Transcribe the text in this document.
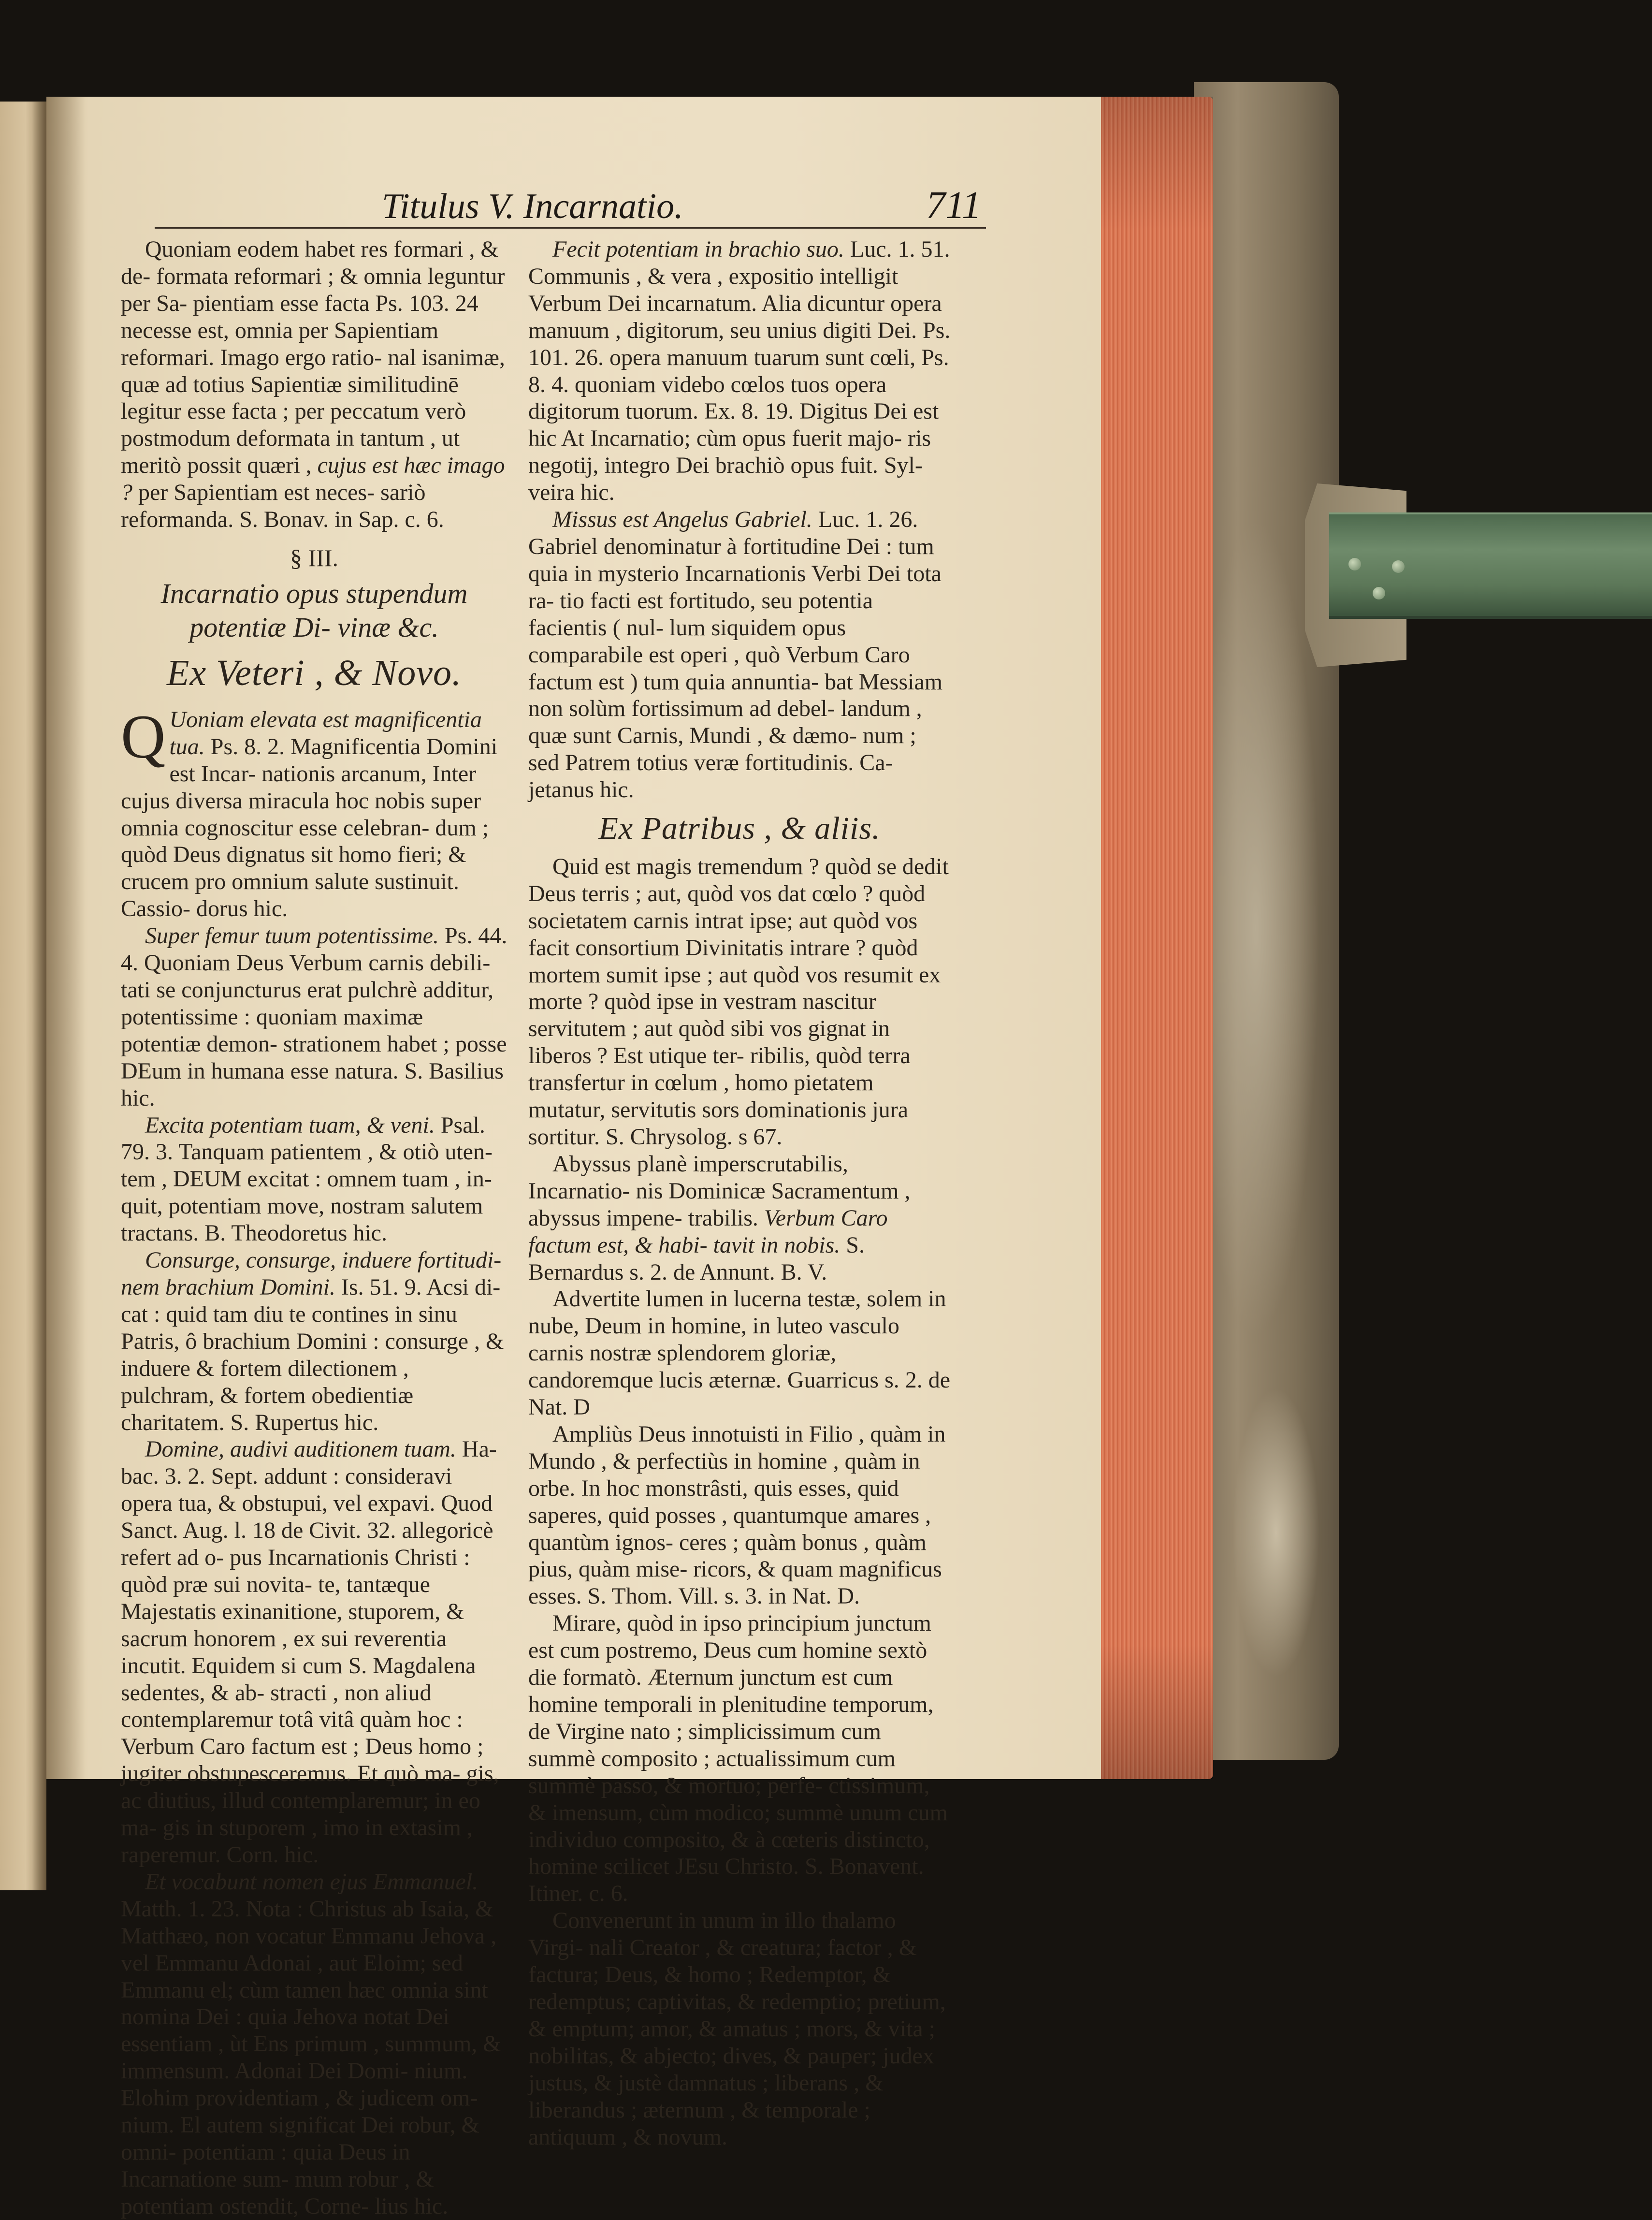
Titulus V. Incarnatio.	711

Quoniam eodem habet res formari , & de- formata reformari ; & omnia leguntur per Sa- pientiam esse facta Ps. 103. 24 necesse est, omnia per Sapientiam reformari. Imago ergo ratio- nal isanimæ, quæ ad totius Sapientiæ similitudinē legitur esse facta ; per peccatum verò postmodum deformata in tantum , ut meritò possit quæri , cujus est hæc imago ? per Sapientiam est neces- sariò reformanda. S. Bonav. in Sap. c. 6.

§ III.
Incarnatio opus stupendum potentiæ Di- vinæ &c.
Ex Veteri , & Novo.

Q Uoniam elevata est magnificentia tua. Ps. 8. 2. Magnificentia Domini est Incar- nationis arcanum, Inter cujus diversa miracula hoc nobis super omnia cognoscitur esse celebran- dum ; quòd Deus dignatus sit homo fieri; & crucem pro omnium salute sustinuit. Cassio- dorus hic.

Super femur tuum potentissime. Ps. 44. 4. Quoniam Deus Verbum carnis debili- tati se conjuncturus erat pulchrè additur, potentissime : quoniam maximæ potentiæ demon- strationem habet ; posse DEum in humana esse natura. S. Basilius hic.

Excita potentiam tuam, & veni. Psal. 79. 3. Tanquam patientem , & otiò uten- tem , DEUM excitat : omnem tuam , in- quit, potentiam move, nostram salutem tractans. B. Theodoretus hic.

Consurge, consurge, induere fortitudi- nem brachium Domini. Is. 51. 9. Acsi di- cat : quid tam diu te contines in sinu Patris, ô brachium Domini : consurge , & induere & fortem dilectionem , pulchram, & fortem obedientiæ charitatem. S. Rupertus hic.

Domine, audivi auditionem tuam. Ha- bac. 3. 2. Sept. addunt : consideravi opera tua, & obstupui, vel expavi. Quod Sanct. Aug. l. 18 de Civit. 32. allegoricè refert ad o- pus Incarnationis Christi : quòd præ sui novita- te, tantæque Majestatis exinanitione, stuporem, & sacrum honorem , ex sui reverentia incutit. Equidem si cum S. Magdalena sedentes, & ab- stracti , non aliud contemplaremur totâ vitâ quàm hoc : Verbum Caro factum est ; Deus homo ; jugiter obstupesceremus. Et quò ma- gis, ac diutius, illud contemplaremur; in eo ma- gis in stuporem , imo in extasim , raperemur. Corn. hic.

Et vocabunt nomen ejus Emmanuel. Matth. 1. 23. Nota : Christus ab Isaia, & Matthæo, non vocatur Emmanu Jehova , vel Emmanu Adonai , aut Eloim; sed Emmanu el; cùm tamen hæc omnia sint nomina Dei : quia Jehova notat Dei essentiam , ùt Ens primum , summum, & immensum. Adonai Dei Domi- nium. Elohim providentiam , & judicem om- nium. El autem significat Dei robur, & omni- potentiam : quia Deus in Incarnatione sum- mum robur , & potentiam ostendit, Corne- lius hic.

Fecit potentiam in brachio suo. Luc. 1. 51. Communis , & vera , expositio intelligit Verbum Dei incarnatum. Alia dicuntur opera manuum , digitorum, seu unius digiti Dei. Ps. 101. 26. opera manuum tuarum sunt cœli, Ps. 8. 4. quoniam videbo cœlos tuos opera digitorum tuorum. Ex. 8. 19. Digitus Dei est hic At Incarnatio; cùm opus fuerit majo- ris negotij, integro Dei brachiò opus fuit. Syl- veira hic.

Missus est Angelus Gabriel. Luc. 1. 26. Gabriel denominatur à fortitudine Dei : tum quia in mysterio Incarnationis Verbi Dei tota ra- tio facti est fortitudo, seu potentia facientis ( nul- lum siquidem opus comparabile est operi , quò Verbum Caro factum est ) tum quia annuntia- bat Messiam non solùm fortissimum ad debel- landum , quæ sunt Carnis, Mundi , & dæmo- num ; sed Patrem totius veræ fortitudinis. Ca- jetanus hic.

Ex Patribus , & aliis.

Quid est magis tremendum ? quòd se dedit Deus terris ; aut, quòd vos dat cœlo ? quòd societatem carnis intrat ipse; aut quòd vos facit consortium Divinitatis intrare ? quòd mortem sumit ipse ; aut quòd vos resumit ex morte ? quòd ipse in vestram nascitur servitutem ; aut quòd sibi vos gignat in liberos ? Est utique ter- ribilis, quòd terra transfertur in cœlum , homo pietatem mutatur, servitutis sors dominationis jura sortitur. S. Chrysolog. s 67.

Abyssus planè imperscrutabilis, Incarnatio- nis Dominicæ Sacramentum , abyssus impene- trabilis. Verbum Caro factum est, & habi- tavit in nobis. S. Bernardus s. 2. de Annunt. B. V.

Advertite lumen in lucerna testæ, solem in nube, Deum in homine, in luteo vasculo carnis nostræ splendorem gloriæ, candoremque lucis æternæ. Guarricus s. 2. de Nat. D

Ampliùs Deus innotuisti in Filio , quàm in Mundo , & perfectiùs in homine , quàm in orbe. In hoc monstrâsti, quis esses, quid saperes, quid posses , quantumque amares , quantùm ignos- ceres ; quàm bonus , quàm pius, quàm mise- ricors, & quam magnificus esses. S. Thom. Vill. s. 3. in Nat. D.

Mirare, quòd in ipso principium junctum est cum postremo, Deus cum homine sextò die formatò. Æternum junctum est cum homine temporali in plenitudine temporum, de Virgine nato ; simplicissimum cum summè composito ; actualissimum cum summè passo, & mortuo; perfe- ctissimum, & imensum, cùm modico; summè unum cum individuo composito, & à cœteris distincto, homine scilicet JEsu Christo. S. Bonavent. Itiner. c. 6.

Convenerunt in unum in illo thalamo Virgi- nali Creator , & creatura; factor , & factura; Deus, & homo ; Redemptor, & redemptus; captivitas, & redemptio; pretium, & emptum; amor, & amatus ; mors, & vita ; nobilitas, & abjecto; dives, & pauper; judex justus, & justè damnatus ; liberans , & liberandus ; æternum , & temporale ; antiquum , & novum.
